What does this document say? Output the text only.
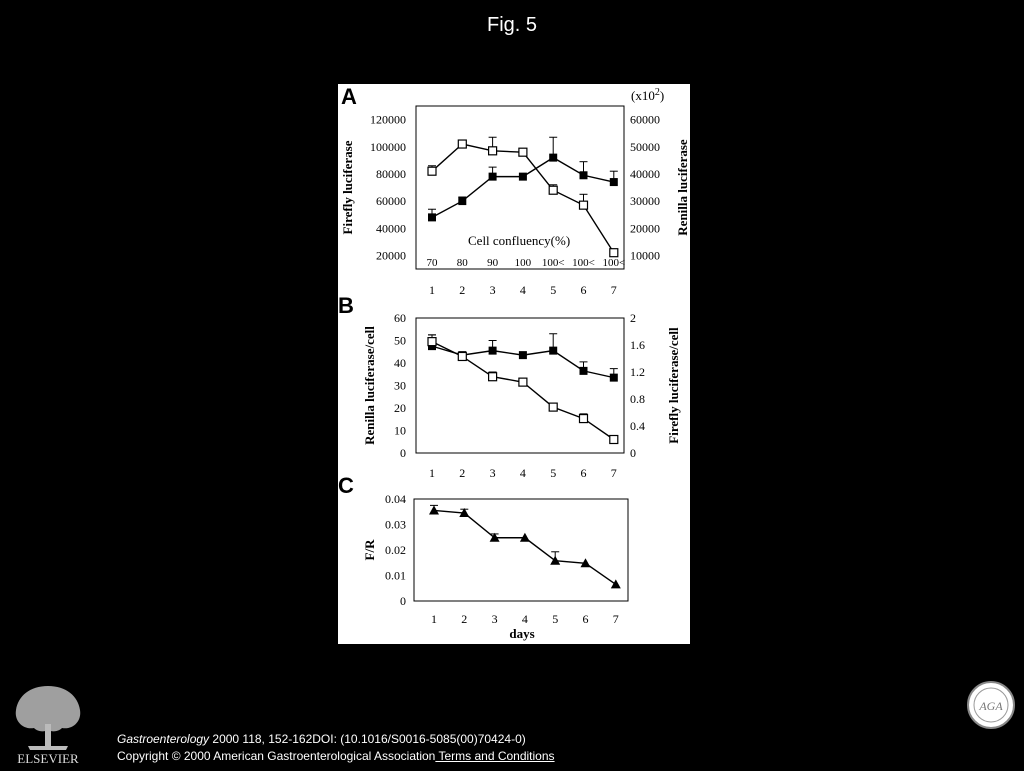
Fig. 5
A
B
C
$(x10^2)$
Cell confluency(%)
days
120000
100000
80000
60000
40000
20000
60000
50000
40000
30000
20000
10000
1 2 3 4 5 6 7
70 80 90 100 100< 100< 100<
Firefly luciferase	Renilla luciferase
60
50
40
30
20
10
0
2
1.6
1.2
0.8
0.4
0
1 2 3 4 5 6 7
Renilla luciferase/cell	Firefly luciferase/cell
0.04
0.03
0.02
0.01
0
1 2 3 4 5 6 7
F/R
ELSEVIER
AGA
Gastroenterology 2000 118, 152-162DOI: (10.1016/S0016-5085(00)70424-0)
Copyright © 2000 American Gastroenterological Association Terms and Conditions
